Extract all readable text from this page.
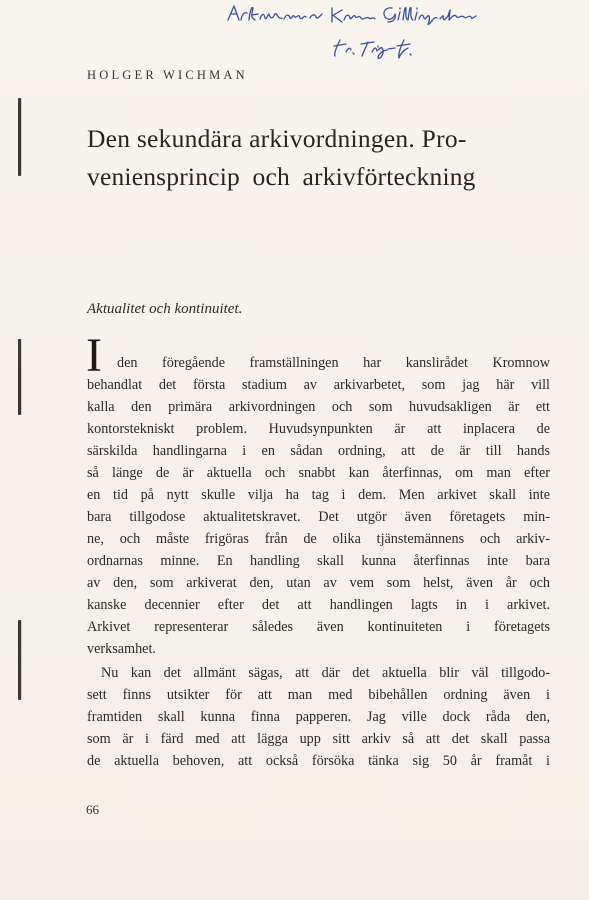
HOLGER WICHMAN
Den sekundära arkivordningen. Pro-
veniensprincip och arkivförteckning
Aktualitet och kontinuitet.
I den föregående framställningen har kanslirådet Kromnow
behandlat det första stadium av arkivarbetet, som jag här vill
kalla den primära arkivordningen och som huvudsakligen är ett
kontorstekniskt problem. Huvudsynpunkten är att inplacera de
särskilda handlingarna i en sådan ordning, att de är till hands
så länge de är aktuella och snabbt kan återfinnas, om man efter
en tid på nytt skulle vilja ha tag i dem. Men arkivet skall inte
bara tillgodose aktualitetskravet. Det utgör även företagets min-
ne, och måste frigöras från de olika tjänstemännens och arkiv-
ordnarnas minne. En handling skall kunna återfinnas inte bara
av den, som arkiverat den, utan av vem som helst, även år och
kanske decennier efter det att handlingen lagts in i arkivet.
Arkivet representerar således även kontinuiteten i företagets
verksamhet.
Nu kan det allmänt sägas, att där det aktuella blir väl tillgodo-
sett finns utsikter för att man med bibehållen ordning även i
framtiden skall kunna finna papperen. Jag ville dock råda den,
som är i färd med att lägga upp sitt arkiv så att det skall passa
de aktuella behoven, att också försöka tänka sig 50 år framåt i
66
